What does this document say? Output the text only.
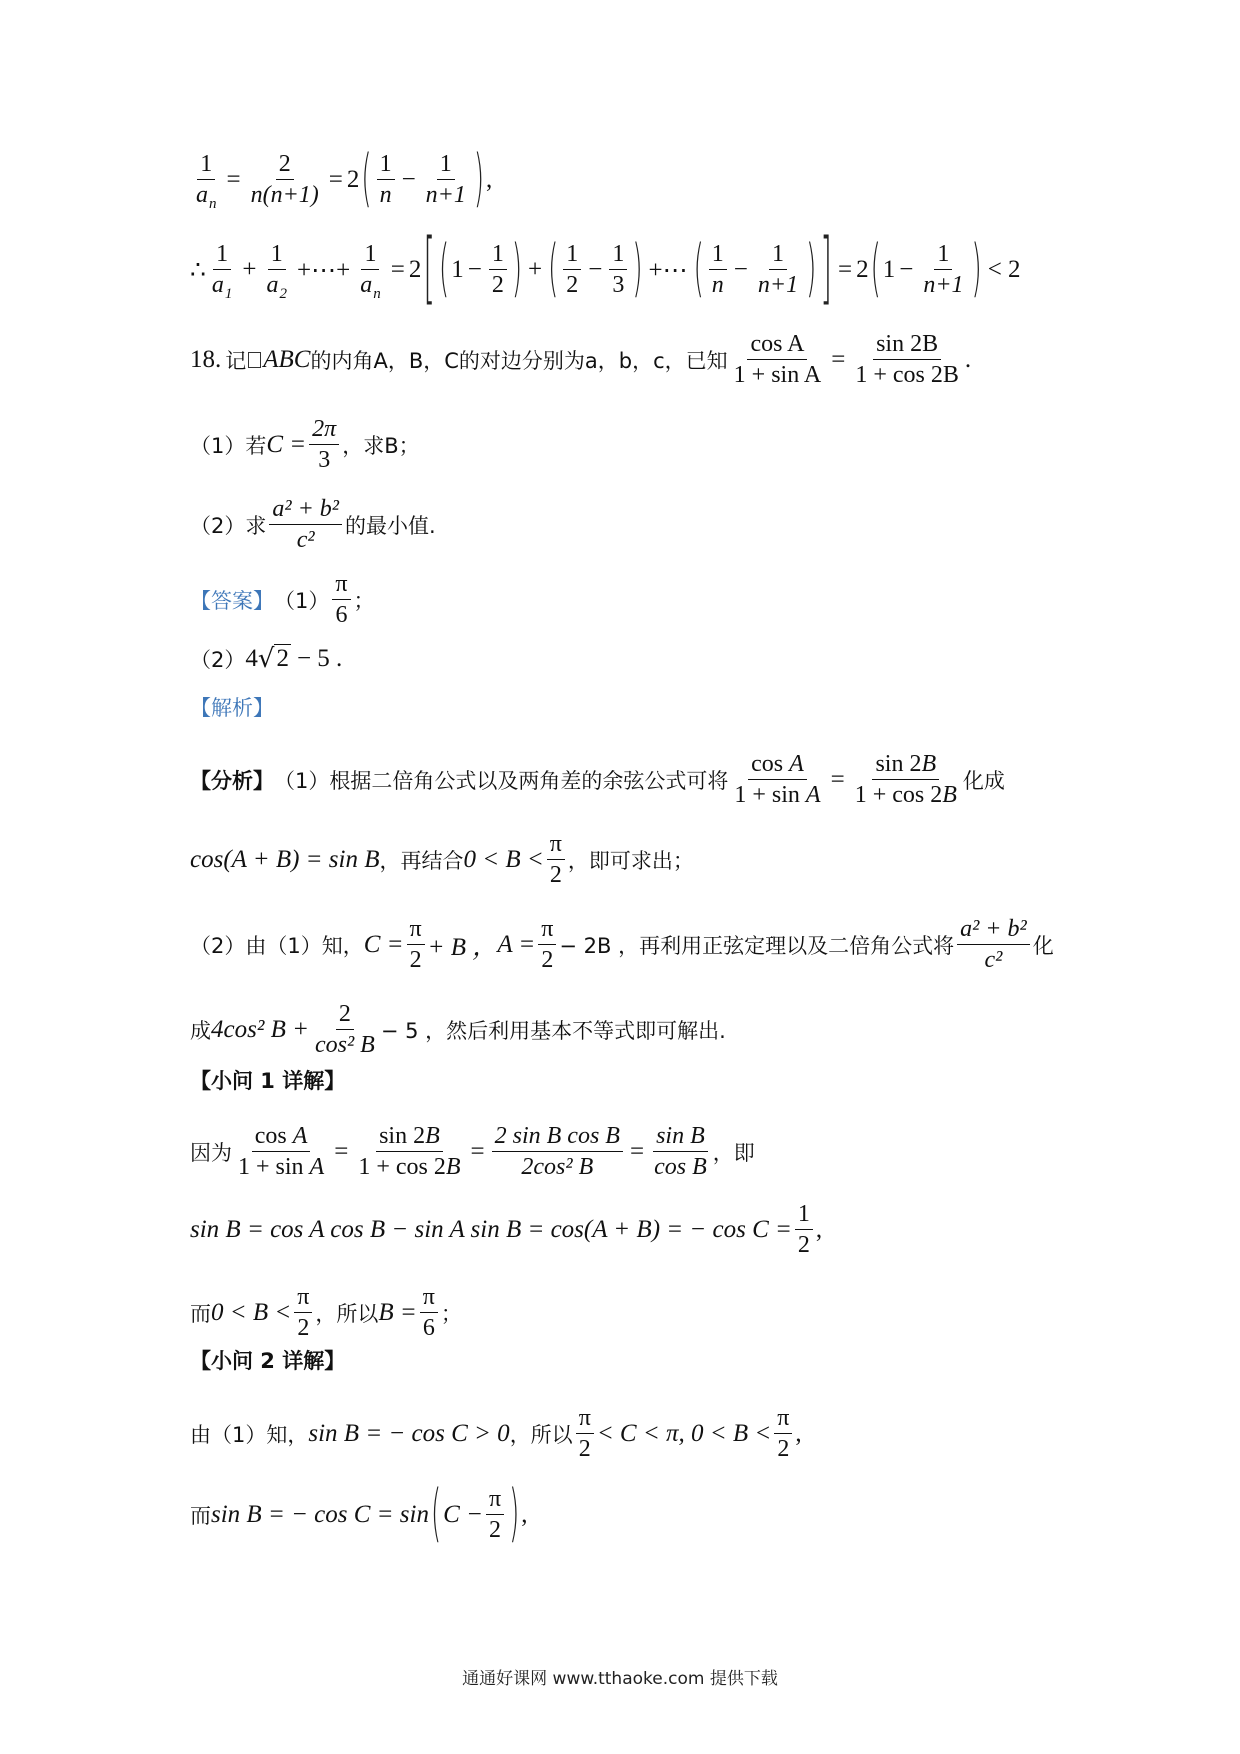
$\frac{1}{a_n} = \frac{2}{n(n+1)} = 2$ ( $\frac{1}{n} - \frac{1}{n+1}$ ) ,
∴ $\frac{1}{a_1} + \frac{1}{a_2}$ +⋯+ $\frac{1}{a_n} = 2$ [ ( $1 - \frac{1}{2}$ ) + ( $\frac{1}{2} - \frac{1}{3}$ ) +⋯ ( $\frac{1}{n} - \frac{1}{n+1}$ ) ] = 2 ( $1 - \frac{1}{n+1}$ ) < 2
18. 记 ABC 的内角A，B，C的对边分别为a，b，c，已知 $\frac{\text{cos A}}{\text{1 + sin A}} = \frac{\sin 2B}{1 + \cos 2B}$ .
（1）若 $C = \frac{2\pi}{3}$ ，求B；
（2）求 $\frac{\text{a² + b²}}{\text{c²}}$ 的最小值.
【答案】 $(1) \frac{\pi}{6}$ ；
（2） 4 √ 2 − 5 .
【解析】
【分析】 （1）根据二倍角公式以及两角差的余弦公式可将 $\frac{\text{cos A}}{\text{1 + sin A}} = \frac{\sin 2B}{1 + \cos 2B}$ 化成
cos(A + B) = sin B ，再结合 $0 < B < \frac{\pi}{2}$ ，即可求出；
（2）由（1）知， $C = \frac{\pi}{2} + B$ ， $A = \frac{\pi}{2} - 2B$ ，再利用正弦定理以及二倍角公式将 $\frac{\text{a² + b²}}{\text{c²}}$ 化
成 4cos² $B + \frac{2}{\text{cos² B}} - 5$ ，然后利用基本不等式即可解出.
【小问 1 详解】
因为 $\frac{\text{cos A}}{\text{1 + sin A}} = \frac{\sin 2B}{1 + \cos 2B} = \frac{\text{2 sin B cos B}}{\text{2cos² B}} = \frac{\text{sin B}}{\text{cos B}}$ ，即
sin B = cos A cos B − sin A sin B = cos(A + B) = − $\cos C = \frac{1}{2}$ ,
而 $0 < B < \frac{\pi}{2}$ ，所以 $B = \frac{\pi}{6}$ ；
【小问 2 详解】
由（1）知， sin B = − cos C > 0 ，所以 $\frac{\pi}{2} < C < \pi$, $0 < B < \frac{\pi}{2}$ ,
而 sin B = − cos C = sin ( $C - \frac{\pi}{2}$ ) ,
通通好课网 www.tthaoke.com 提供下载
